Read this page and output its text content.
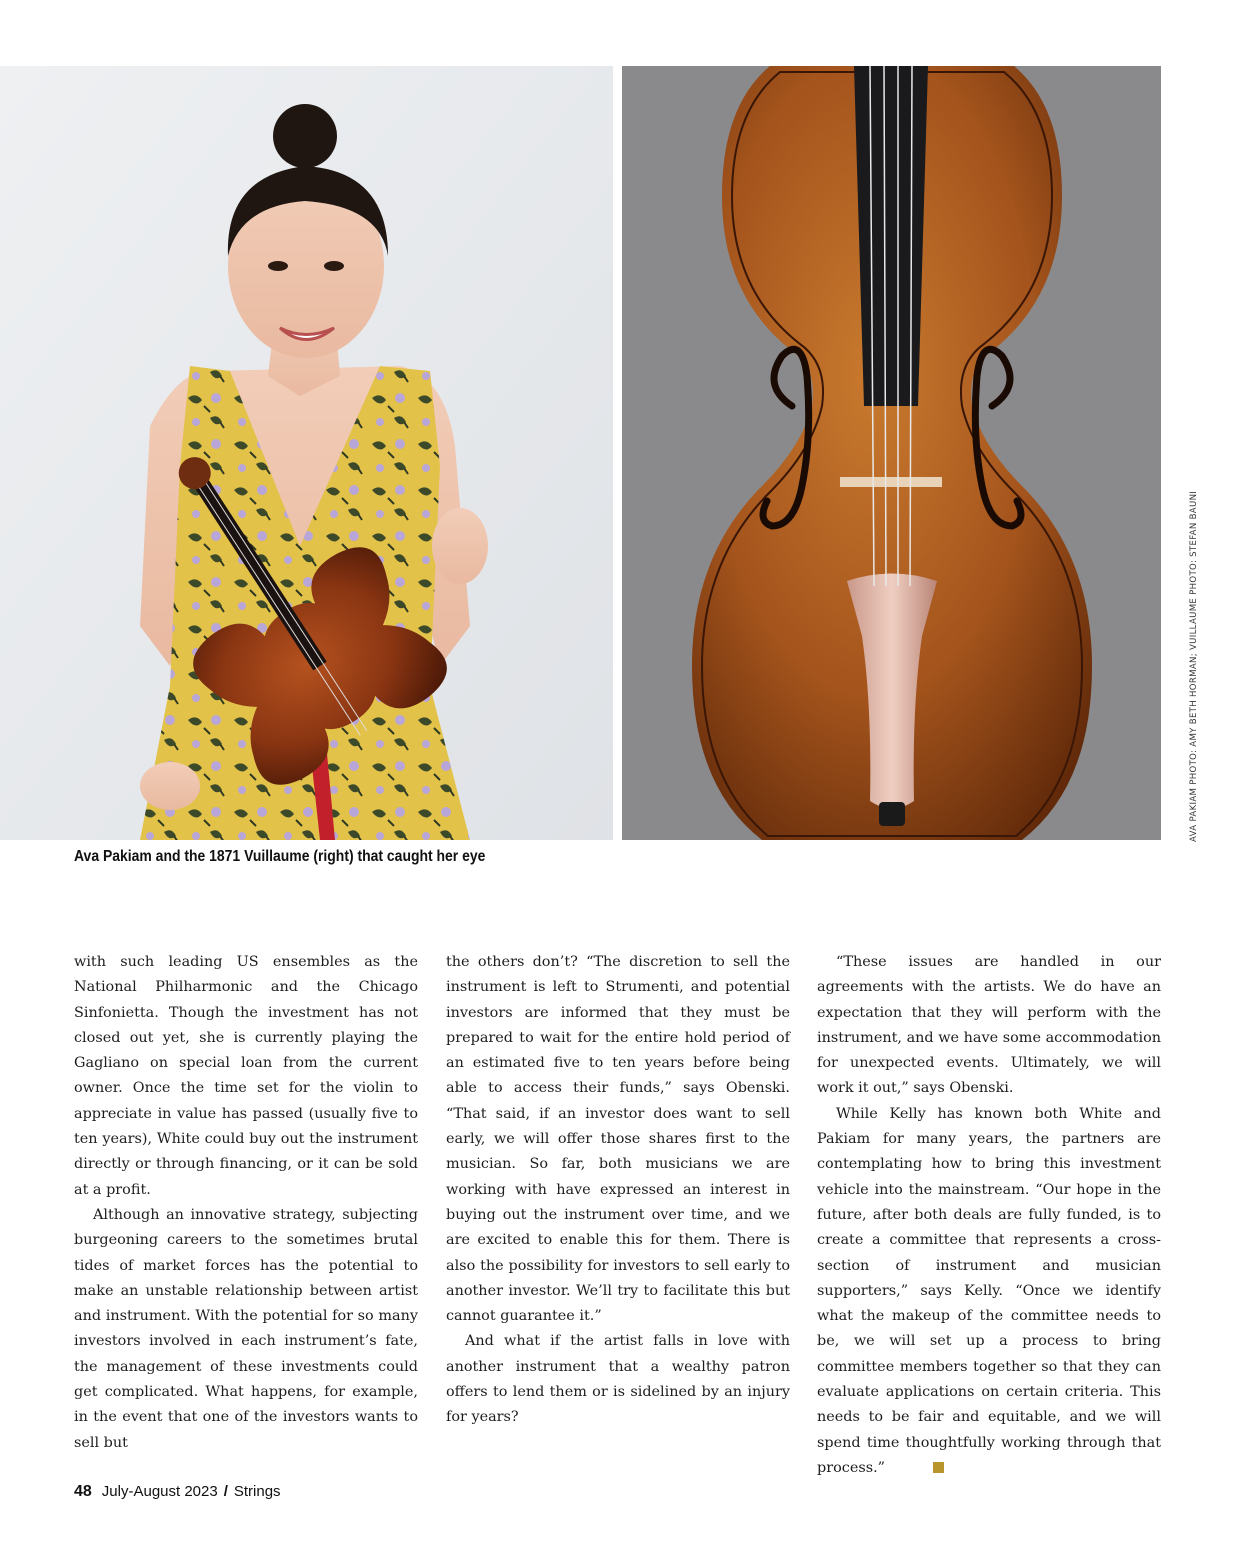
AVA PAKIAM PHOTO: AMY BETH HORMAN; VUILLAUME PHOTO: STEFAN BAUNI
Ava Pakiam and the 1871 Vuillaume (right) that caught her eye

with such leading US ensembles as the National Philharmonic and the Chicago Sinfonietta. Though the investment has not closed out yet, she is currently playing the Gagliano on special loan from the current owner. Once the time set for the violin to appreciate in value has passed (usually five to ten years), White could buy out the instrument directly or through financing, or it can be sold at a profit.

Although an innovative strategy, subjecting burgeoning careers to the sometimes brutal tides of market forces has the potential to make an unstable relationship between artist and instrument. With the potential for so many investors involved in each instrument’s fate, the management of these investments could get complicated. What happens, for example, in the event that one of the investors wants to sell but

the others don’t? “The discretion to sell the instrument is left to Strumenti, and potential investors are informed that they must be prepared to wait for the entire hold period of an estimated five to ten years before being able to access their funds,” says Obenski. “That said, if an investor does want to sell early, we will offer those shares first to the musician. So far, both musicians we are working with have expressed an interest in buying out the instrument over time, and we are excited to enable this for them. There is also the possibility for investors to sell early to another investor. We’ll try to facilitate this but cannot guarantee it.”

And what if the artist falls in love with another instrument that a wealthy patron offers to lend them or is sidelined by an injury for years?

“These issues are handled in our agreements with the artists. We do have an expectation that they will perform with the instrument, and we have some accommodation for unexpected events. Ultimately, we will work it out,” says Obenski.

While Kelly has known both White and Pakiam for many years, the partners are contemplating how to bring this investment vehicle into the mainstream. “Our hope in the future, after both deals are fully funded, is to create a committee that represents a cross-section of instrument and musician supporters,” says Kelly. “Once we identify what the makeup of the committee needs to be, we will set up a process to bring committee members together so that they can evaluate applications on certain criteria. This needs to be fair and equitable, and we will spend time thoughtfully working through that process.”

48 July-August 2023 / Strings
